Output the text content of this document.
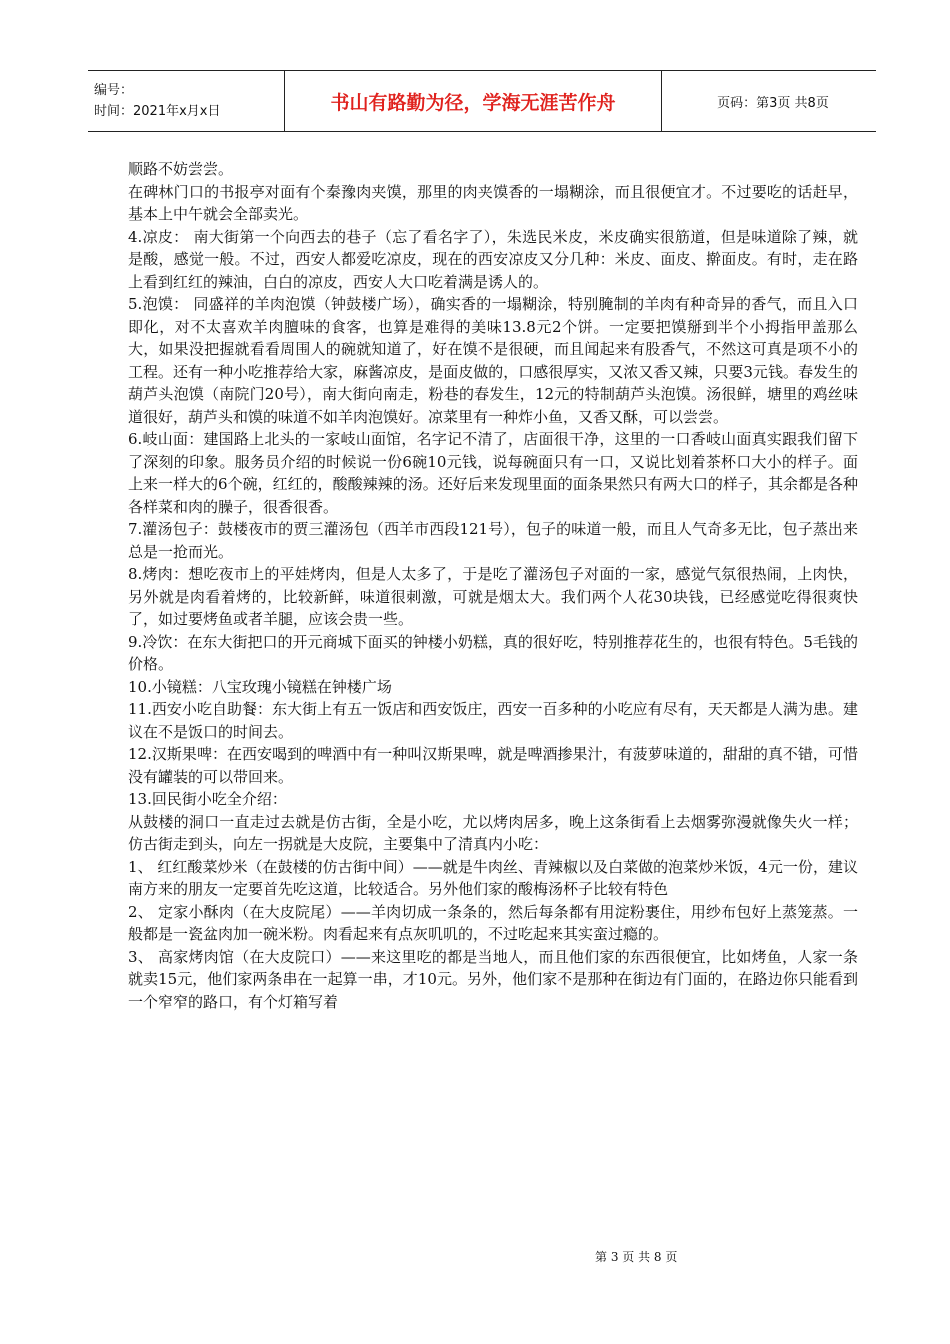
编号：
时间：2021年x月x日	书山有路勤为径，学海无涯苦作舟	页码：第3页 共8页

顺路不妨尝尝。

在碑林门口的书报亭对面有个秦豫肉夹馍，那里的肉夹馍香的一塌糊涂，而且很便宜才。不过要吃的话赶早，基本上中午就会全部卖光。

4.凉皮： 南大街第一个向西去的巷子（忘了看名字了），朱选民米皮，米皮确实很筋道，但是味道除了辣，就是酸，感觉一般。不过，西安人都爱吃凉皮，现在的西安凉皮又分几种：米皮、面皮、擀面皮。有时，走在路上看到红红的辣油，白白的凉皮，西安人大口吃着满是诱人的。

5.泡馍： 同盛祥的羊肉泡馍（钟鼓楼广场），确实香的一塌糊涂，特别腌制的羊肉有种奇异的香气，而且入口即化，对不太喜欢羊肉膻味的食客，也算是难得的美味13.8元2个饼。一定要把馍掰到半个小拇指甲盖那么大，如果没把握就看看周围人的碗就知道了，好在馍不是很硬，而且闻起来有股香气，不然这可真是项不小的工程。还有一种小吃推荐给大家，麻酱凉皮，是面皮做的，口感很厚实，又浓又香又辣，只要3元钱。春发生的葫芦头泡馍（南院门20号），南大街向南走，粉巷的春发生，12元的特制葫芦头泡馍。汤很鲜，塘里的鸡丝味道很好，葫芦头和馍的味道不如羊肉泡馍好。凉菜里有一种炸小鱼，又香又酥，可以尝尝。

6.岐山面：建国路上北头的一家岐山面馆，名字记不清了，店面很干净，这里的一口香岐山面真实跟我们留下了深刻的印象。服务员介绍的时候说一份6碗10元钱，说每碗面只有一口，又说比划着茶杯口大小的样子。面上来一样大的6个碗，红红的，酸酸辣辣的汤。还好后来发现里面的面条果然只有两大口的样子，其余都是各种各样菜和肉的臊子，很香很香。

7.灌汤包子：鼓楼夜市的贾三灌汤包（西羊市西段121号），包子的味道一般，而且人气奇多无比，包子蒸出来总是一抢而光。

8.烤肉：想吃夜市上的平娃烤肉，但是人太多了，于是吃了灌汤包子对面的一家，感觉气氛很热闹，上肉快，另外就是肉看着烤的，比较新鲜，味道很刺激，可就是烟太大。我们两个人花30块钱，已经感觉吃得很爽快了，如过要烤鱼或者羊腿，应该会贵一些。

9.冷饮：在东大街把口的开元商城下面买的钟楼小奶糕，真的很好吃，特别推荐花生的，也很有特色。5毛钱的价格。

10.小镜糕：八宝玫瑰小镜糕在钟楼广场

11.西安小吃自助餐：东大街上有五一饭店和西安饭庄，西安一百多种的小吃应有尽有，天天都是人满为患。建议在不是饭口的时间去。

12.汉斯果啤：在西安喝到的啤酒中有一种叫汉斯果啤，就是啤酒掺果汁，有菠萝味道的，甜甜的真不错，可惜没有罐装的可以带回来。

13.回民街小吃全介绍：

从鼓楼的洞口一直走过去就是仿古街，全是小吃，尤以烤肉居多，晚上这条街看上去烟雾弥漫就像失火一样；仿古街走到头，向左一拐就是大皮院，主要集中了清真内小吃：

1、 红红酸菜炒米（在鼓楼的仿古街中间）——就是牛肉丝、青辣椒以及白菜做的泡菜炒米饭，4元一份，建议南方来的朋友一定要首先吃这道，比较适合。另外他们家的酸梅汤杯子比较有特色

2、 定家小酥肉（在大皮院尾）——羊肉切成一条条的，然后每条都有用淀粉裹住，用纱布包好上蒸笼蒸。一般都是一瓷盆肉加一碗米粉。肉看起来有点灰叽叽的，不过吃起来其实蛮过瘾的。

3、 高家烤肉馆（在大皮院口）——来这里吃的都是当地人，而且他们家的东西很便宜，比如烤鱼，人家一条就卖15元，他们家两条串在一起算一串，才10元。另外，他们家不是那种在街边有门面的，在路边你只能看到一个窄窄的路口，有个灯箱写着

第 3 页 共 8 页
